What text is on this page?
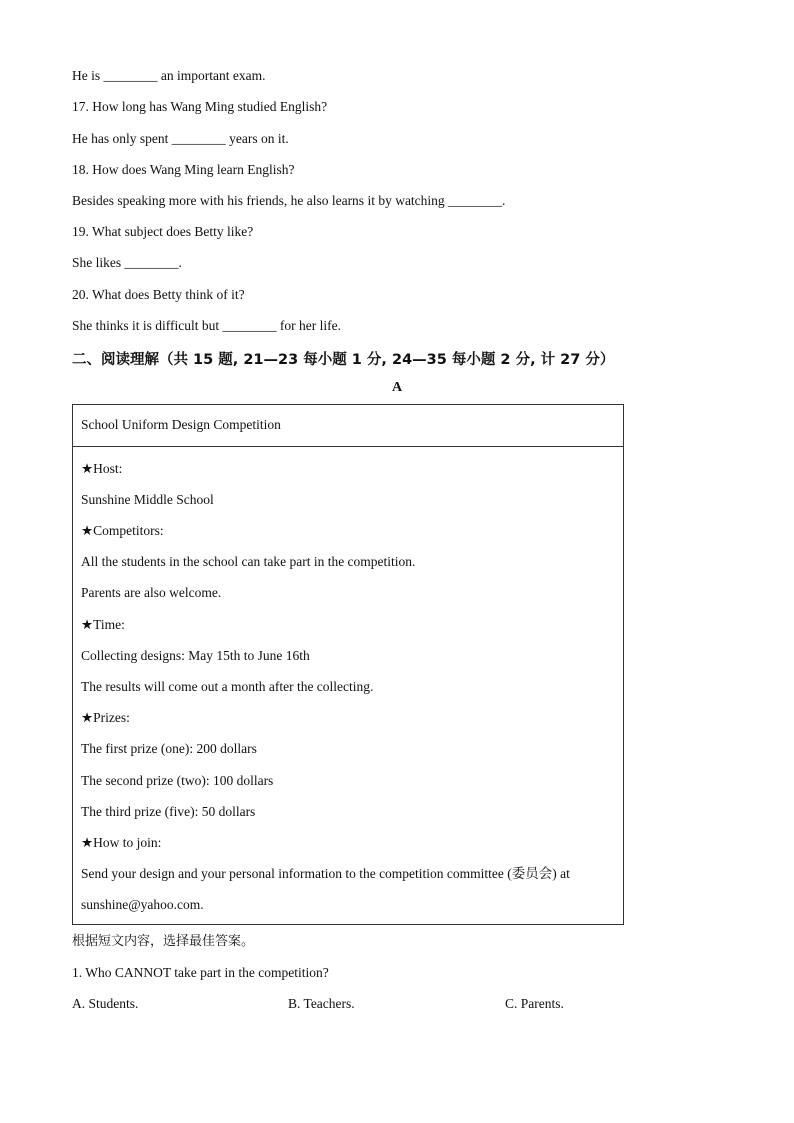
He is ________ an important exam.
17. How long has Wang Ming studied English?
He has only spent ________ years on it.
18. How does Wang Ming learn English?
Besides speaking more with his friends, he also learns it by watching ________.
19. What subject does Betty like?
She likes ________.
20. What does Betty think of it?
She thinks it is difficult but ________ for her life.
二、阅读理解（共 15 题, 21—23 每小题 1 分, 24—35 每小题 2 分, 计 27 分）
A
School Uniform Design Competition
★Host:
Sunshine Middle School
★Competitors:
All the students in the school can take part in the competition.
Parents are also welcome.
★Time:
Collecting designs: May 15th to June 16th
The results will come out a month after the collecting.
★Prizes:
The first prize (one): 200 dollars
The second prize (two): 100 dollars
The third prize (five): 50 dollars
★How to join:
Send your design and your personal information to the competition committee (委员会) at
sunshine@yahoo.com.
根据短文内容，选择最佳答案。
1. Who CANNOT take part in the competition?
A. Students.	B. Teachers.	C. Parents.
